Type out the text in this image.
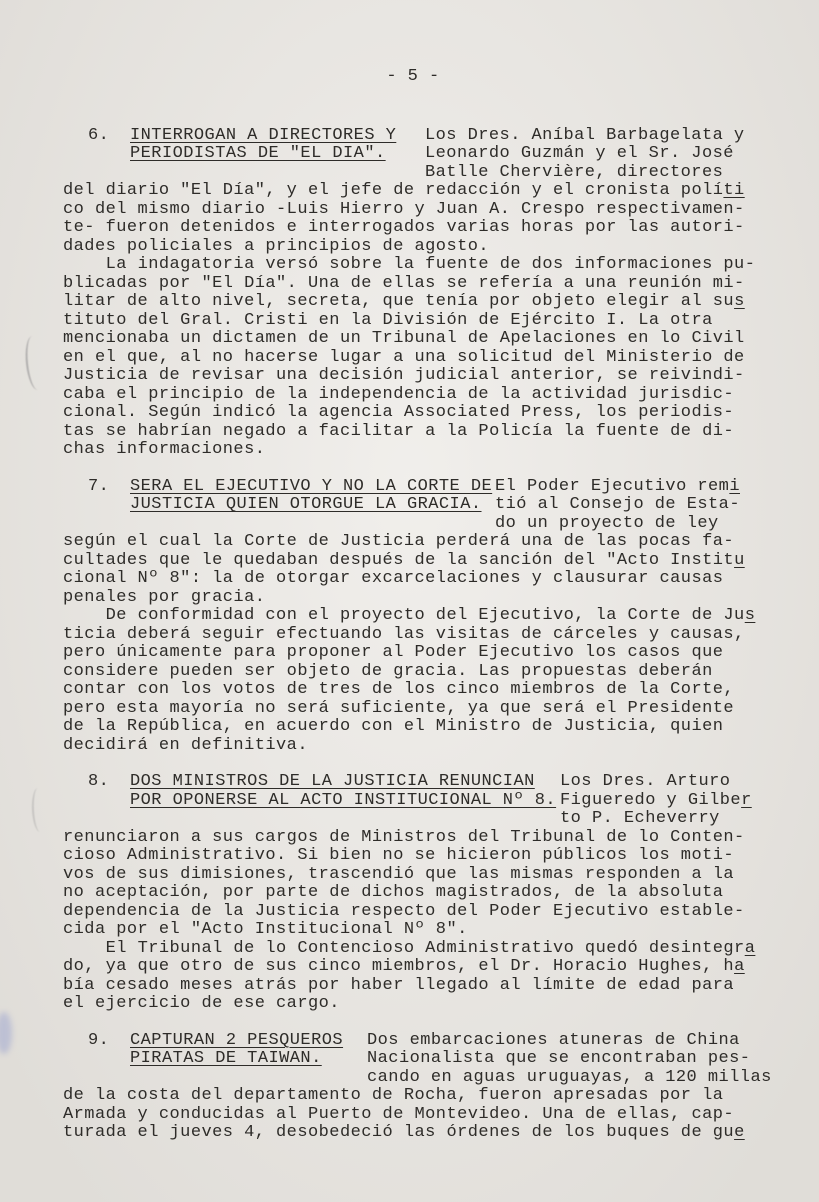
- 5 -
6.	INTERROGAN A DIRECTORES Y
PERIODISTAS DE "EL DIA".
Los Dres. Aníbal Barbagelata y
Leonardo Guzmán y el Sr. José
Batlle Chervière, directores
del diario "El Día", y el jefe de redacción y el cronista políti
co del mismo diario -Luis Hierro y Juan A. Crespo respectivamen-
te- fueron detenidos e interrogados varias horas por las autori-
dades policiales a principios de agosto.
La indagatoria versó sobre la fuente de dos informaciones pu-
blicadas por "El Día". Una de ellas se refería a una reunión mi-
litar de alto nivel, secreta, que tenía por objeto elegir al sus
tituto del Gral. Cristi en la División de Ejército I. La otra
mencionaba un dictamen de un Tribunal de Apelaciones en lo Civil
en el que, al no hacerse lugar a una solicitud del Ministerio de
Justicia de revisar una decisión judicial anterior, se reivindi-
caba el principio de la independencia de la actividad jurisdic-
cional. Según indicó la agencia Associated Press, los periodis-
tas se habrían negado a facilitar a la Policía la fuente de di-
chas informaciones.
7.	SERA EL EJECUTIVO Y NO LA CORTE DE
JUSTICIA QUIEN OTORGUE LA GRACIA.
El Poder Ejecutivo remi
tió al Consejo de Esta-
do un proyecto de ley
según el cual la Corte de Justicia perderá una de las pocas fa-
cultades que le quedaban después de la sanción del "Acto Institu
cional Nº 8": la de otorgar excarcelaciones y clausurar causas
penales por gracia.
De conformidad con el proyecto del Ejecutivo, la Corte de Jus
ticia deberá seguir efectuando las visitas de cárceles y causas,
pero únicamente para proponer al Poder Ejecutivo los casos que
considere pueden ser objeto de gracia. Las propuestas deberán
contar con los votos de tres de los cinco miembros de la Corte,
pero esta mayoría no será suficiente, ya que será el Presidente
de la República, en acuerdo con el Ministro de Justicia, quien
decidirá en definitiva.
8.	DOS MINISTROS DE LA JUSTICIA RENUNCIAN
POR OPONERSE AL ACTO INSTITUCIONAL Nº 8.
Los Dres. Arturo
Figueredo y Gilber
to P. Echeverry
renunciaron a sus cargos de Ministros del Tribunal de lo Conten-
cioso Administrativo. Si bien no se hicieron públicos los moti-
vos de sus dimisiones, trascendió que las mismas responden a la
no aceptación, por parte de dichos magistrados, de la absoluta
dependencia de la Justicia respecto del Poder Ejecutivo estable-
cida por el "Acto Institucional Nº 8".
El Tribunal de lo Contencioso Administrativo quedó desintegra
do, ya que otro de sus cinco miembros, el Dr. Horacio Hughes, ha
bía cesado meses atrás por haber llegado al límite de edad para
el ejercicio de ese cargo.
9.	CAPTURAN 2 PESQUEROS
PIRATAS DE TAIWAN.
Dos embarcaciones atuneras de China
Nacionalista que se encontraban pes-
cando en aguas uruguayas, a 120 millas
de la costa del departamento de Rocha, fueron apresadas por la
Armada y conducidas al Puerto de Montevideo. Una de ellas, cap-
turada el jueves 4, desobedeció las órdenes de los buques de gue
